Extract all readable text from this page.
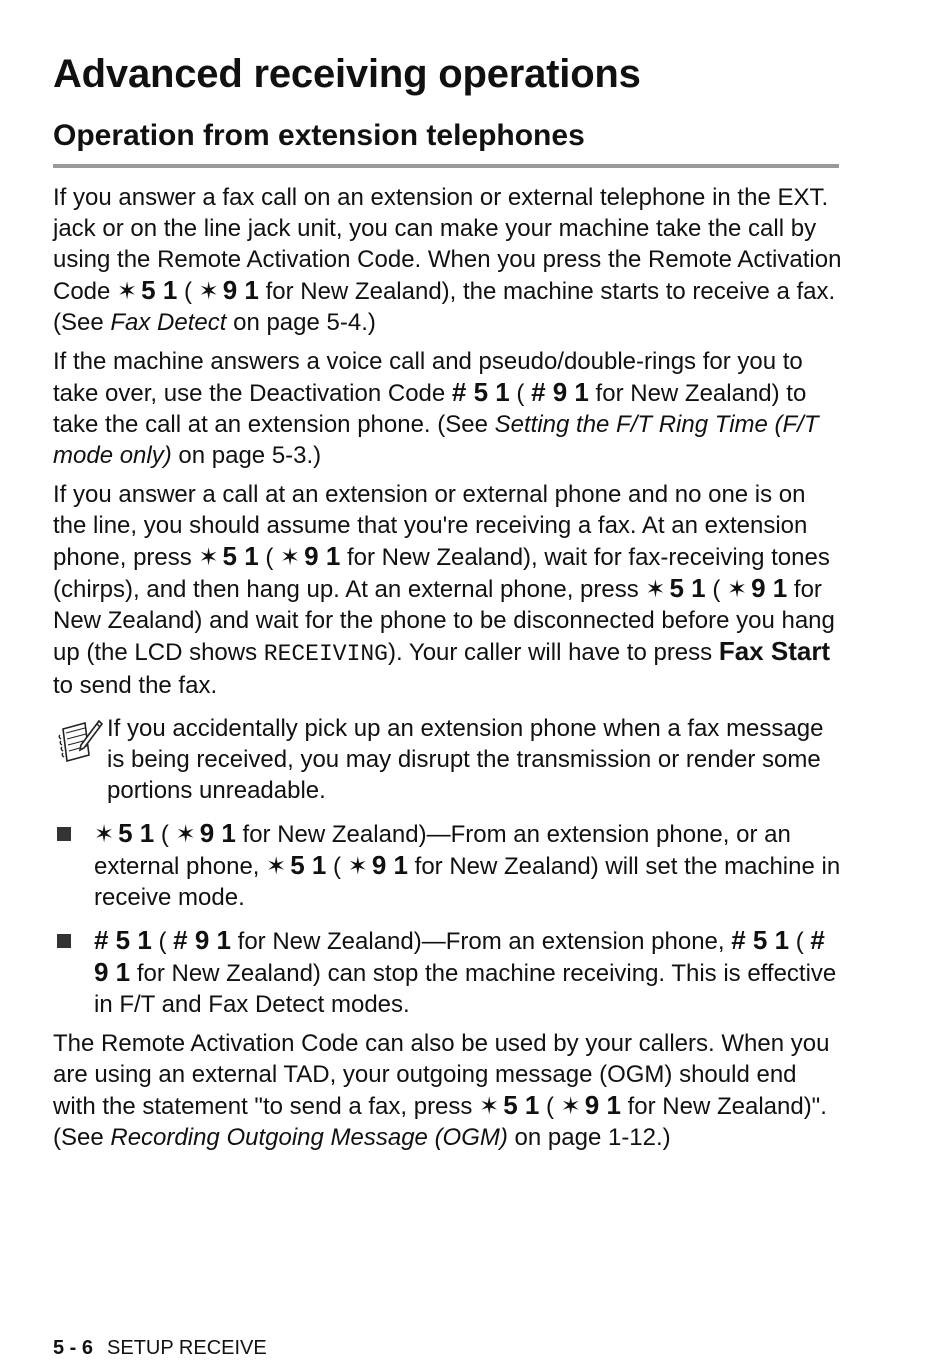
Advanced receiving operations
Operation from extension telephones

If you answer a fax call on an extension or external telephone in the EXT. jack or on the line jack unit, you can make your machine take the call by using the Remote Activation Code. When you press the Remote Activation Code ✶ 5 1 ( ✶ 9 1 for New Zealand), the machine starts to receive a fax. (See Fax Detect on page 5-4.)

If the machine answers a voice call and pseudo/double-rings for you to take over, use the Deactivation Code # 5 1 ( # 9 1 for New Zealand) to take the call at an extension phone. (See Setting the F/T Ring Time (F/T mode only) on page 5-3.)

If you answer a call at an extension or external phone and no one is on the line, you should assume that you're receiving a fax. At an extension phone, press ✶ 5 1 ( ✶ 9 1 for New Zealand), wait for fax-receiving tones (chirps), and then hang up. At an external phone, press ✶ 5 1 ( ✶ 9 1 for New Zealand) and wait for the phone to be disconnected before you hang up (the LCD shows RECEIVING). Your caller will have to press Fax Start to send the fax.

If you accidentally pick up an extension phone when a fax message is being received, you may disrupt the transmission or render some portions unreadable.
✶ 5 1 ( ✶ 9 1 for New Zealand)—From an extension phone, or an external phone, ✶ 5 1 ( ✶ 9 1 for New Zealand) will set the machine in receive mode.
# 5 1 ( # 9 1 for New Zealand)—From an extension phone, # 5 1 ( # 9 1 for New Zealand) can stop the machine receiving. This is effective in F/T and Fax Detect modes.

The Remote Activation Code can also be used by your callers. When you are using an external TAD, your outgoing message (OGM) should end with the statement "to send a fax, press ✶ 5 1 ( ✶ 9 1 for New Zealand)". (See Recording Outgoing Message (OGM) on page 1-12.)

5 - 6 SETUP RECEIVE
